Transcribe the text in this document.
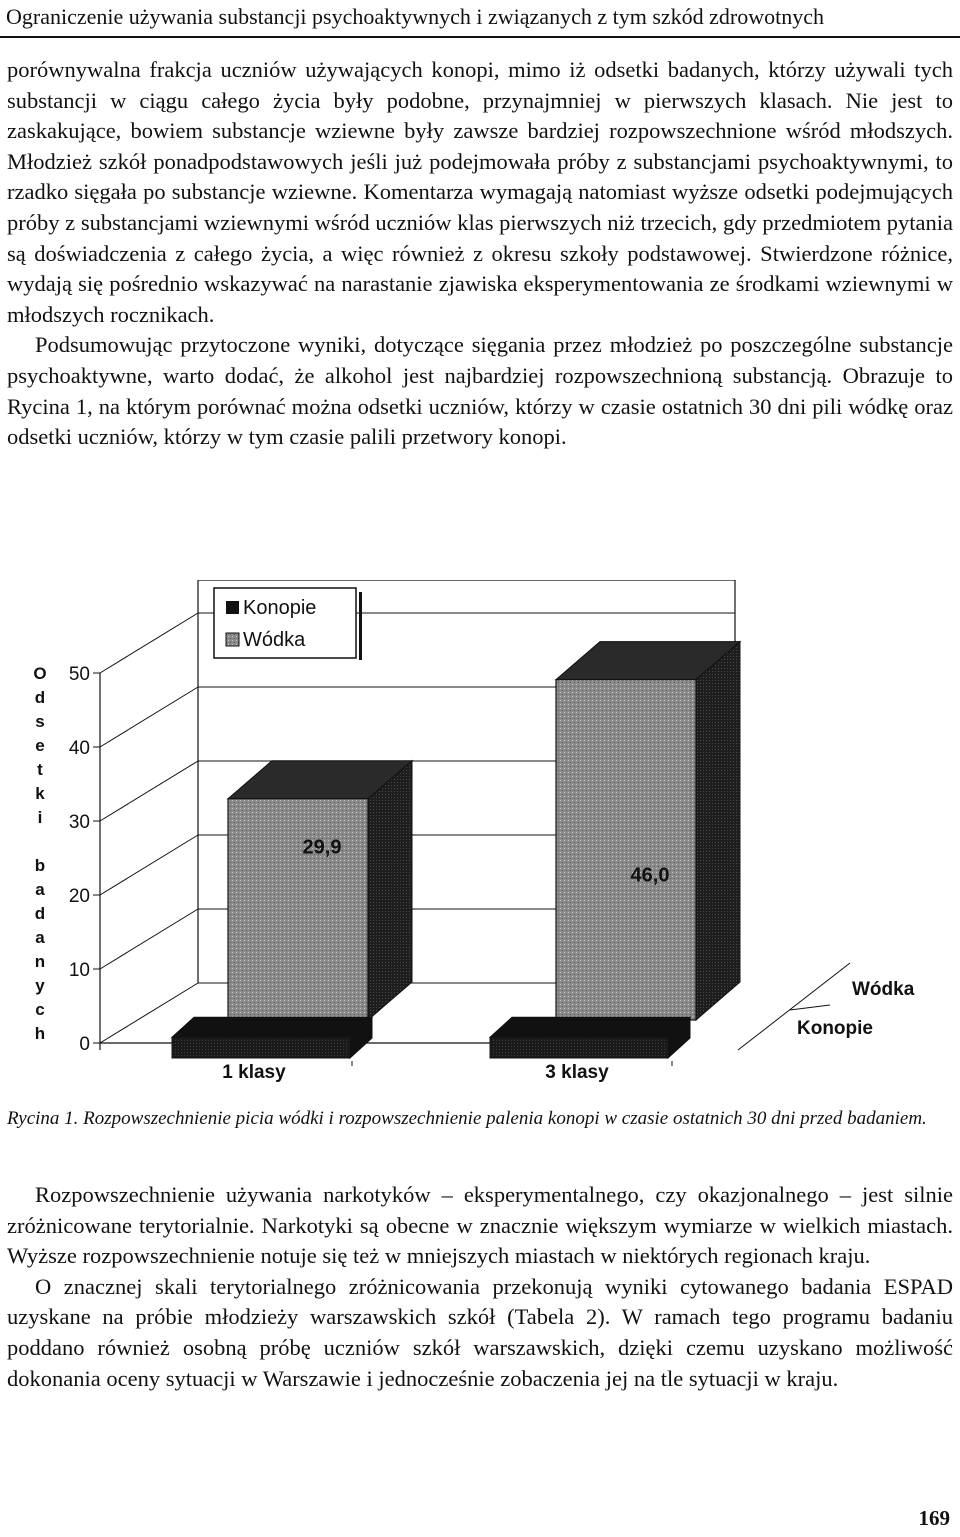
Ograniczenie używania substancji psychoaktywnych i związanych z tym szkód zdrowotnych

porównywalna frakcja uczniów używających konopi, mimo iż odsetki badanych, którzy używali tych substancji w ciągu całego życia były podobne, przynajmniej w pierwszych klasach. Nie jest to zaskakujące, bowiem substancje wziewne były zawsze bardziej rozpowszechnione wśród młodszych. Młodzież szkół ponadpodstawowych jeśli już podejmowała próby z substancjami psychoaktywnymi, to rzadko sięgała po substancje wziewne. Komentarza wymagają natomiast wyższe odsetki podejmujących próby z substancjami wziewnymi wśród uczniów klas pierwszych niż trzecich, gdy przedmiotem pytania są doświadczenia z całego życia, a więc również z okresu szkoły podstawowej. Stwierdzone różnice, wydają się pośrednio wskazywać na narastanie zjawiska eksperymentowania ze środkami wziewnymi w młodszych rocznikach.

Podsumowując przytoczone wyniki, dotyczące sięgania przez młodzież po poszczególne substancje psychoaktywne, warto dodać, że alkohol jest najbardziej rozpowszechnioną substancją. Obrazuje to Rycina 1, na którym porównać można odsetki uczniów, którzy w czasie ostatnich 30 dni pili wódkę oraz odsetki uczniów, którzy w tym czasie palili przetwory konopi.

0
10
20
30
40
50
O
d
s
e
t
k
i
b
a
d
a
n
y
c
h
29,9
46,0
1 klasy	3 klasy
Wódka
Konopie
Konopie
Wódka
Rycina 1. Rozpowszechnienie picia wódki i rozpowszechnienie palenia konopi w czasie ostatnich 30 dni przed badaniem.

Rozpowszechnienie używania narkotyków – eksperymentalnego, czy okazjonalnego – jest silnie zróżnicowane terytorialnie. Narkotyki są obecne w znacznie większym wymiarze w wielkich miastach. Wyższe rozpowszechnienie notuje się też w mniejszych miastach w niektórych regionach kraju.

O znacznej skali terytorialnego zróżnicowania przekonują wyniki cytowanego badania ESPAD uzyskane na próbie młodzieży warszawskich szkół (Tabela 2). W ramach tego programu badaniu poddano również osobną próbę uczniów szkół warszawskich, dzięki czemu uzyskano możliwość dokonania oceny sytuacji w Warszawie i jednocześnie zobaczenia jej na tle sytuacji w kraju.

169
